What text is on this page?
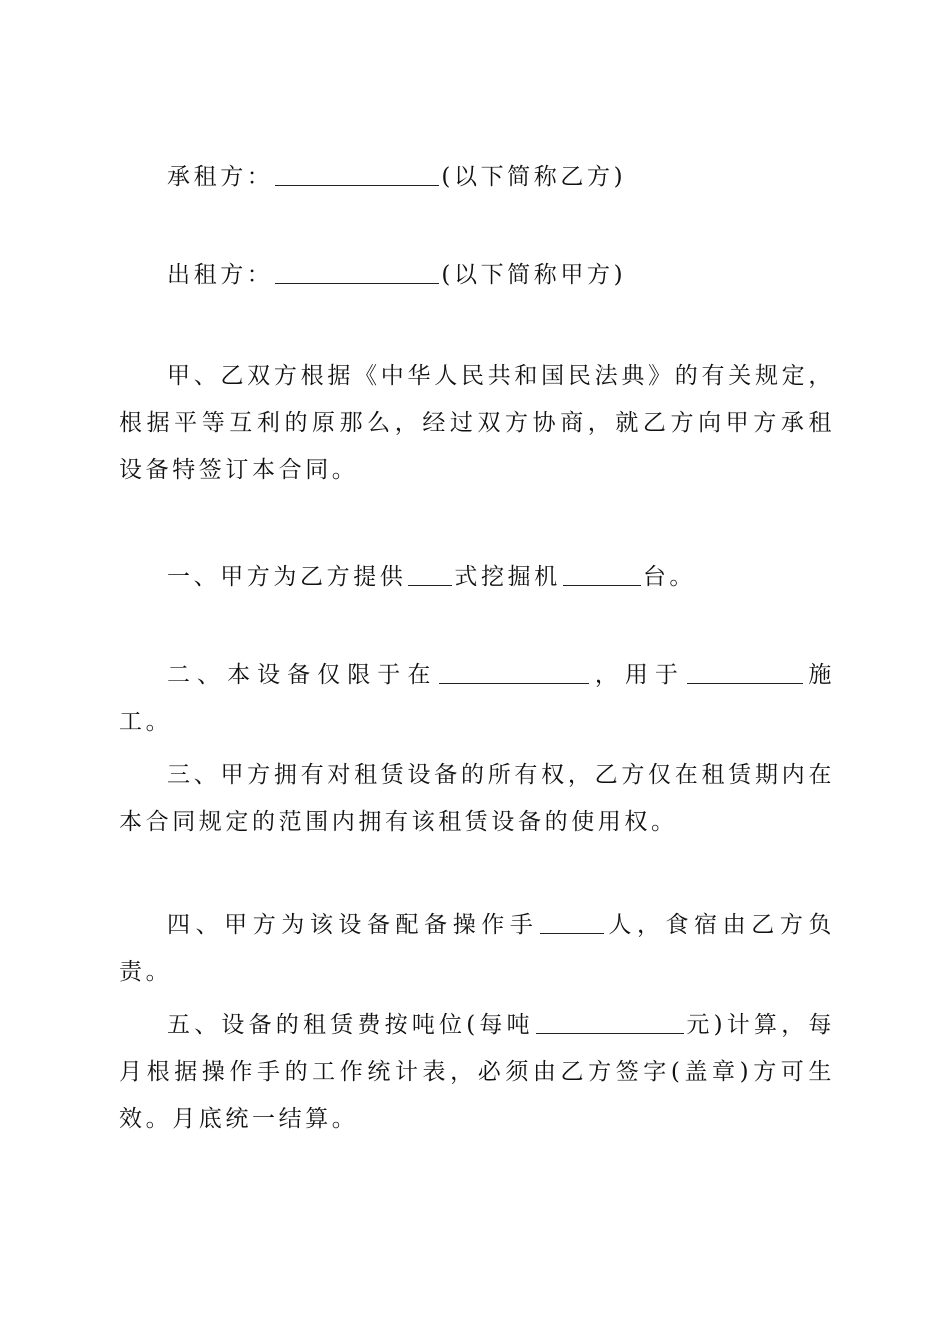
承租方：	(以下简称乙方)

出租方：	(以下简称甲方)

甲、乙双方根据《中华人民共和国民法典》的有关规定，根据平等互利的原那么，经过双方协商，就乙方向甲方承租设备特签订本合同。

一、甲方为乙方提供 式挖掘机	台。

二、本设备仅限于在	，用于	施工。

三、甲方拥有对租赁设备的所有权，乙方仅在租赁期内在本合同规定的范围内拥有该租赁设备的使用权。

四、甲方为该设备配备操作手	人，食宿由乙方负责。

五、设备的租赁费按吨位(每吨	元)计算，每月根据操作手的工作统计表，必须由乙方签字(盖章)方可生效。月底统一结算。
